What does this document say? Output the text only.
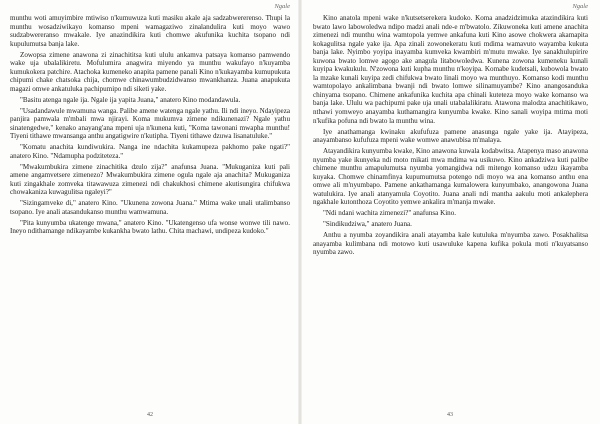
Ngale

munthu woti amuyimbire mtiwiso n'kumuwuza kuti masiku akale aja sadzabwererenso. Thupi la munthu wosadziwikayo komanso mpeni wamagaziwo zinalandulira kuti moyo wawo sudzabwereranso mwakale. Iye anazindikira kuti chomwe akufunika kuchita tsopano ndi kupulumutsa banja lake.

Zowopsa zimene anawona zi zinachititsa kuti ululu ankamva patsaya komanso pamwendo wake uja ubalalikiretu. Mofulumira anagwira miyendo ya munthu wakufayo n'kuyamba kumukokera patchire. Atachoka kumeneko anapita pamene panali Kino n'kukayamba kumupukuta chipumi chake chatsoka chija, chomwe chinawumbudzidwanso mwankhanza. Juana anapukuta magazi omwe ankatuluka pachipumipo ndi siketi yake.

"Basitu atenga ngale ija. Ngale ija yapita Juana," anatero Kino modandawula.

"Usadandawule mwamuna wanga. Palibe amene watenga ngale yathu. Ili ndi ineyo. Ndayipeza panjira pamwala m'mbali mwa njirayi. Koma mukumva zimene ndikunenazi? Ngale yathu sinatengedwe," kenako anayang'ana mpeni uja n'kunena kuti, "Koma tawonani mwapha munthu! Tiyeni tithawe mwansanga anthu angatigwire n'kutipha. Tiyeni tithawe dzuwa lisanatuluke."

"Komatu anachita kundiwukira. Nanga ine ndachita kukamupeza pakhomo pake ngati?" anatero Kino. "Ndamupha podzitetezа."

"Mwakumbukira zimene zinachitika dzulo zija?" anafunsa Juana. "Mukuganiza kuti pali amene angamvetsere zimenezo? Mwakumbukira zimene ogula ngale aja anachita? Mukuganiza kuti zingakhale zomveka titawawuza zimenezi ndi chakukhosi chimene akutisungira chifukwa chowakaniza kuwagulitsa ngaleyi?"

"Sizingamveke di," anatero Kino. "Ukunena zowona Juana." Mtima wake unali utalimbanso tsopano. Iye anali atasandukanso munthu wamwamuna.

"Pita kunyumba ukatenge mwana," anatero Kino. "Ukatengenso ufa wonse wonwe tili nawo. Ineyo ndithamange ndikayambe kukankha bwato lathu. Chita machawi, undipeza kudoko."

42
Ngale

Kino anatola mpeni wake n'kutsetserekera kudoko. Koma anadzidzimuka atazindikira kuti bwato lawo labowoledwa ndipo madzi anali nde-e m'bwatolo. Zikuwoneka kuti amene anachita zimenezi ndi munthu wina wamtopola yemwe ankafuna kuti Kino asowe chokwera akamapita kokagulitsa ngale yake ija. Apa zinali zowonekeratu kuti mdima wamavuto wayamba kukuta banja lake. Nyimbo yoyipa inayamba kumveka kwambiri m'mutu mwake. Iye sanakhulupirire kuwona bwato lomwe agogo ake anagula litabowoledwa. Kunena zowona kumeneku kunali kuyipa kwakukulu. N'zowona kuti kupha munthu n'koyipa. Komabe kudetsali, kubowola bwato la mzake kunali kuyipa zedi chifukwa bwato linali moyo wa munthuyo. Komanso kodi munthu wamtopolayo ankalimbana bwanji ndi bwato lomwe silinamuyambe? Kino anangosanduka chinyama tsopano. Chimene ankafunika kuchita apa chinali kuteteza moyo wake komanso wa banja lake. Ululu wa pachipumi pake uja unali utabalalikiratu. Atawona malodza anachitikawo, nthawi yomweyo anayamba kuthamangira kunyumba kwake. Kino sanali woyipa mtima moti n'kufika pofuna ndi bwato la munthu wina.

Iye anathamanga kwinaku akufufuza pamene anasunga ngale yake ija. Atayipeza, anayambanso kufufuza mpeni wake womwe anawubisa m'malaya.

Atayandikira kunyumba kwake, Kino anawona kuwala kodabwitsa. Atapenya maso anawona nyumba yake ikunyeka ndi moto mikati mwa mdima wa usikuwo. Kino ankadziwa kuti palibe chimene munthu amapulumutsa nyumba yomangidwa ndi mitengo komanso udzu ikayamba kuyaka. Chomwe chinamfinya kupumumutsa potengo ndi moyo wa ana komanso anthu ena omwe ali m'nyumbapo. Pamene ankathamanga kumalowera kunyumbako, anangowona Juana watulukira. Iye anali atanyamula Coyotito. Juana anali ndi mantha aakulu moti ankalephera ngakhale kutonthoza Coyotito yemwe ankalira m'manja mwake.

"Ndi ndani wachita zimenezi?" anafunsa Kino.

"Sindikudziwa," anatero Juana.

Anthu a nyumba zoyandikira anali atayamba kale kutuluka m'nyumba zawo. Posakhalitsa anayamba kulimbana ndi motowo kuti usawuluke kapena kufika pokula moti n'kuyatsanso nyumba zawo.

43
